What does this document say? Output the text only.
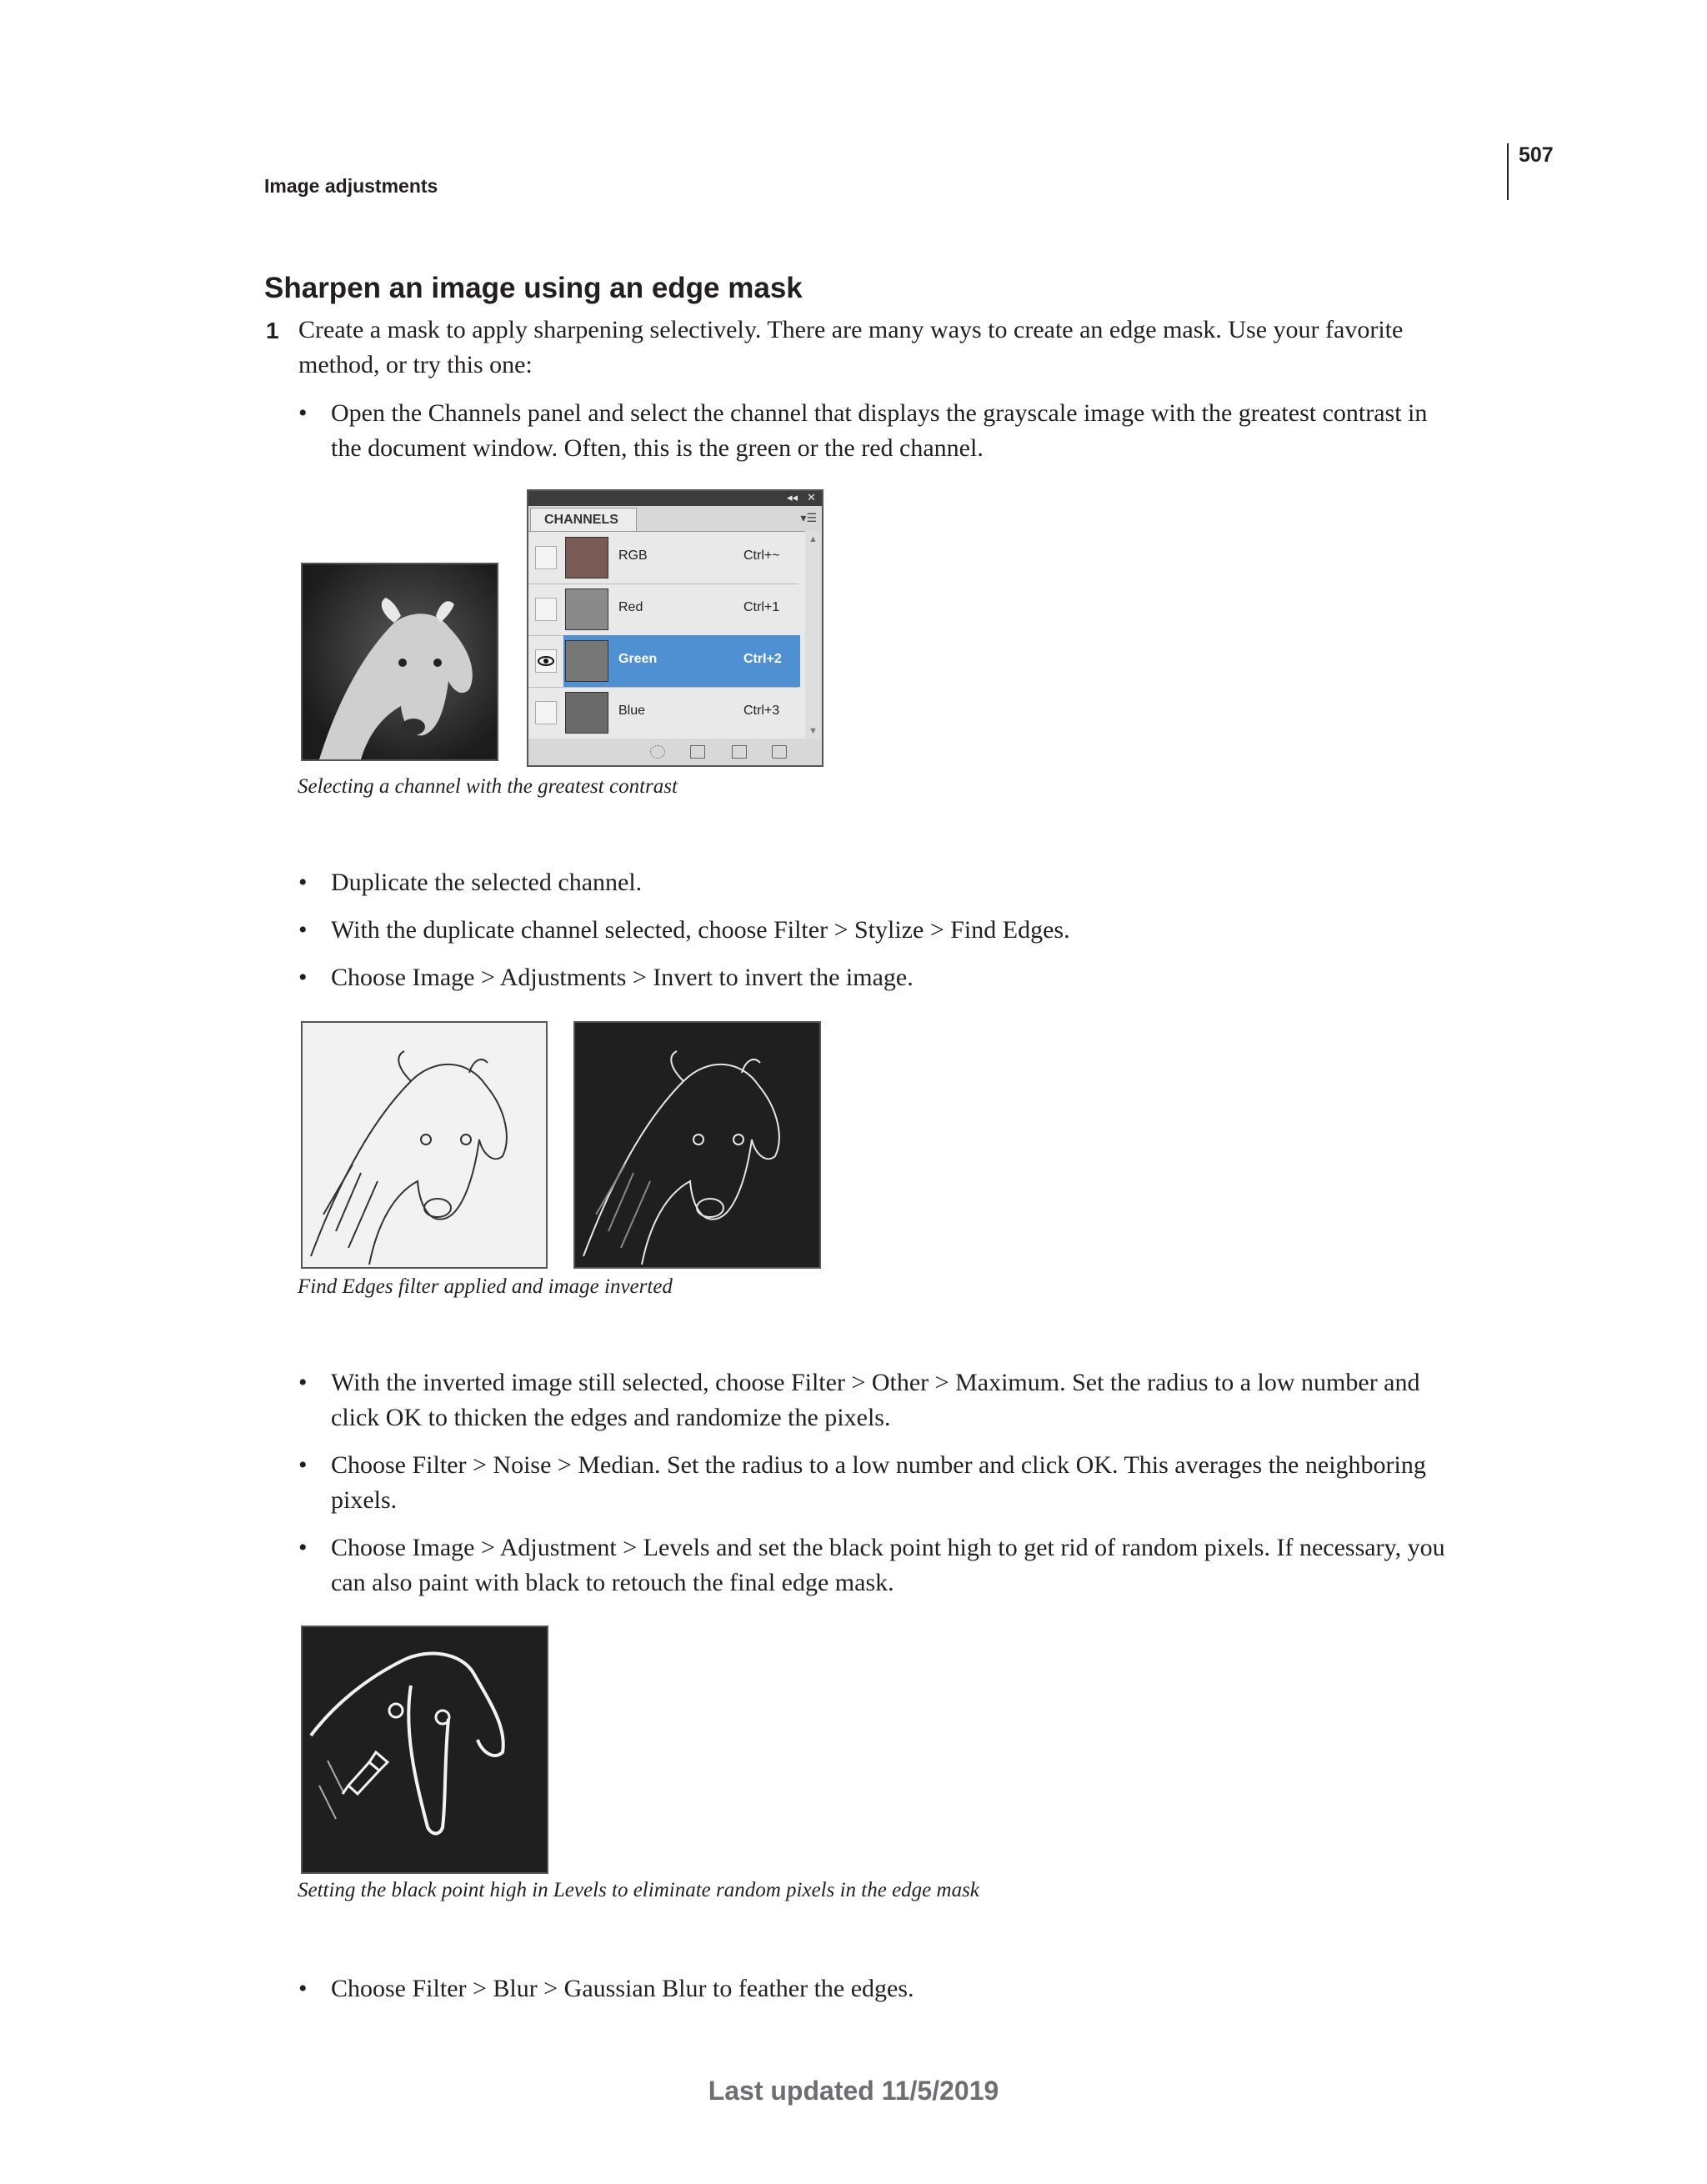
507
Image adjustments
Sharpen an image using an edge mask
1 Create a mask to apply sharpening selectively. There are many ways to create an edge mask. Use your favorite
method, or try this one:
• Open the Channels panel and select the channel that displays the grayscale image with the greatest contrast in
the document window. Often, this is the green or the red channel.
◂◂ ✕
CHANNELS	▾☰
RGB	Ctrl+~
Red	Ctrl+1
Green	Ctrl+2
Blue	Ctrl+3
▲
▼
Selecting a channel with the greatest contrast
• Duplicate the selected channel.
• With the duplicate channel selected, choose Filter > Stylize > Find Edges.
• Choose Image > Adjustments > Invert to invert the image.
Find Edges filter applied and image inverted
• With the inverted image still selected, choose Filter > Other > Maximum. Set the radius to a low number and
click OK to thicken the edges and randomize the pixels.
• Choose Filter > Noise > Median. Set the radius to a low number and click OK. This averages the neighboring
pixels.
• Choose Image > Adjustment > Levels and set the black point high to get rid of random pixels. If necessary, you
can also paint with black to retouch the final edge mask.
Setting the black point high in Levels to eliminate random pixels in the edge mask
• Choose Filter > Blur > Gaussian Blur to feather the edges.
Last updated 11/5/2019
